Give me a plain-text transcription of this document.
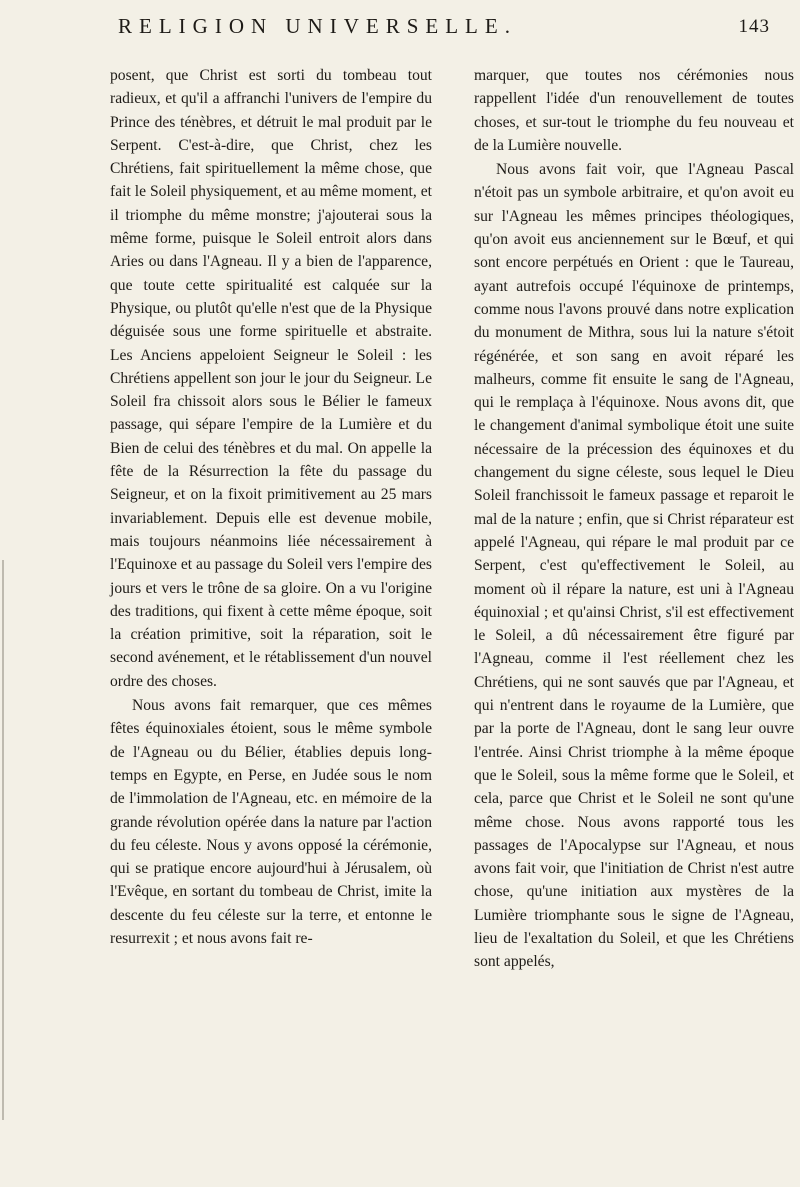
RELIGION UNIVERSELLE.	143

posent, que Christ est sorti du tombeau tout radieux, et qu'il a affranchi l'univers de l'empire du Prince des ténèbres, et détruit le mal produit par le Serpent. C'est-à-dire, que Christ, chez les Chrétiens, fait spirituellement la même chose, que fait le Soleil physiquement, et au même moment, et il triomphe du même monstre; j'ajouterai sous la même forme, puisque le Soleil entroit alors dans Aries ou dans l'Agneau. Il y a bien de l'apparence, que toute cette spiritualité est calquée sur la Physique, ou plutôt qu'elle n'est que de la Physique déguisée sous une forme spirituelle et abstraite. Les Anciens appeloient Seigneur le Soleil : les Chrétiens appellent son jour le jour du Seigneur. Le Soleil fra chissoit alors sous le Bélier le fameux passage, qui sépare l'empire de la Lumière et du Bien de celui des ténèbres et du mal. On appelle la fête de la Résurrection la fête du passage du Seigneur, et on la fixoit primitivement au 25 mars invariablement. Depuis elle est devenue mobile, mais toujours néanmoins liée nécessairement à l'Equinoxe et au passage du Soleil vers l'empire des jours et vers le trône de sa gloire. On a vu l'origine des traditions, qui fixent à cette même époque, soit la création primitive, soit la réparation, soit le second avénement, et le rétablissement d'un nouvel ordre des choses.

Nous avons fait remarquer, que ces mêmes fêtes équinoxiales étoient, sous le même symbole de l'Agneau ou du Bélier, établies depuis long-temps en Egypte, en Perse, en Judée sous le nom de l'immolation de l'Agneau, etc. en mémoire de la grande révolution opérée dans la nature par l'action du feu céleste. Nous y avons opposé la cérémonie, qui se pratique encore aujourd'hui à Jérusalem, où l'Evêque, en sortant du tombeau de Christ, imite la descente du feu céleste sur la terre, et entonne le resurrexit ; et nous avons fait re-

marquer, que toutes nos cérémonies nous rappellent l'idée d'un renouvellement de toutes choses, et sur-tout le triomphe du feu nouveau et de la Lumière nouvelle.

Nous avons fait voir, que l'Agneau Pascal n'étoit pas un symbole arbitraire, et qu'on avoit eu sur l'Agneau les mêmes principes théologiques, qu'on avoit eus anciennement sur le Bœuf, et qui sont encore perpétués en Orient : que le Taureau, ayant autrefois occupé l'équinoxe de printemps, comme nous l'avons prouvé dans notre explication du monument de Mithra, sous lui la nature s'étoit régénérée, et son sang en avoit réparé les malheurs, comme fit ensuite le sang de l'Agneau, qui le remplaça à l'équinoxe. Nous avons dit, que le changement d'animal symbolique étoit une suite nécessaire de la précession des équinoxes et du changement du signe céleste, sous lequel le Dieu Soleil franchissoit le fameux passage et reparoit le mal de la nature ; enfin, que si Christ réparateur est appelé l'Agneau, qui répare le mal produit par ce Serpent, c'est qu'effectivement le Soleil, au moment où il répare la nature, est uni à l'Agneau équinoxial ; et qu'ainsi Christ, s'il est effectivement le Soleil, a dû nécessairement être figuré par l'Agneau, comme il l'est réellement chez les Chrétiens, qui ne sont sauvés que par l'Agneau, et qui n'entrent dans le royaume de la Lumière, que par la porte de l'Agneau, dont le sang leur ouvre l'entrée. Ainsi Christ triomphe à la même époque que le Soleil, sous la même forme que le Soleil, et cela, parce que Christ et le Soleil ne sont qu'une même chose. Nous avons rapporté tous les passages de l'Apocalypse sur l'Agneau, et nous avons fait voir, que l'initiation de Christ n'est autre chose, qu'une initiation aux mystères de la Lumière triomphante sous le signe de l'Agneau, lieu de l'exaltation du Soleil, et que les Chrétiens sont appelés,
